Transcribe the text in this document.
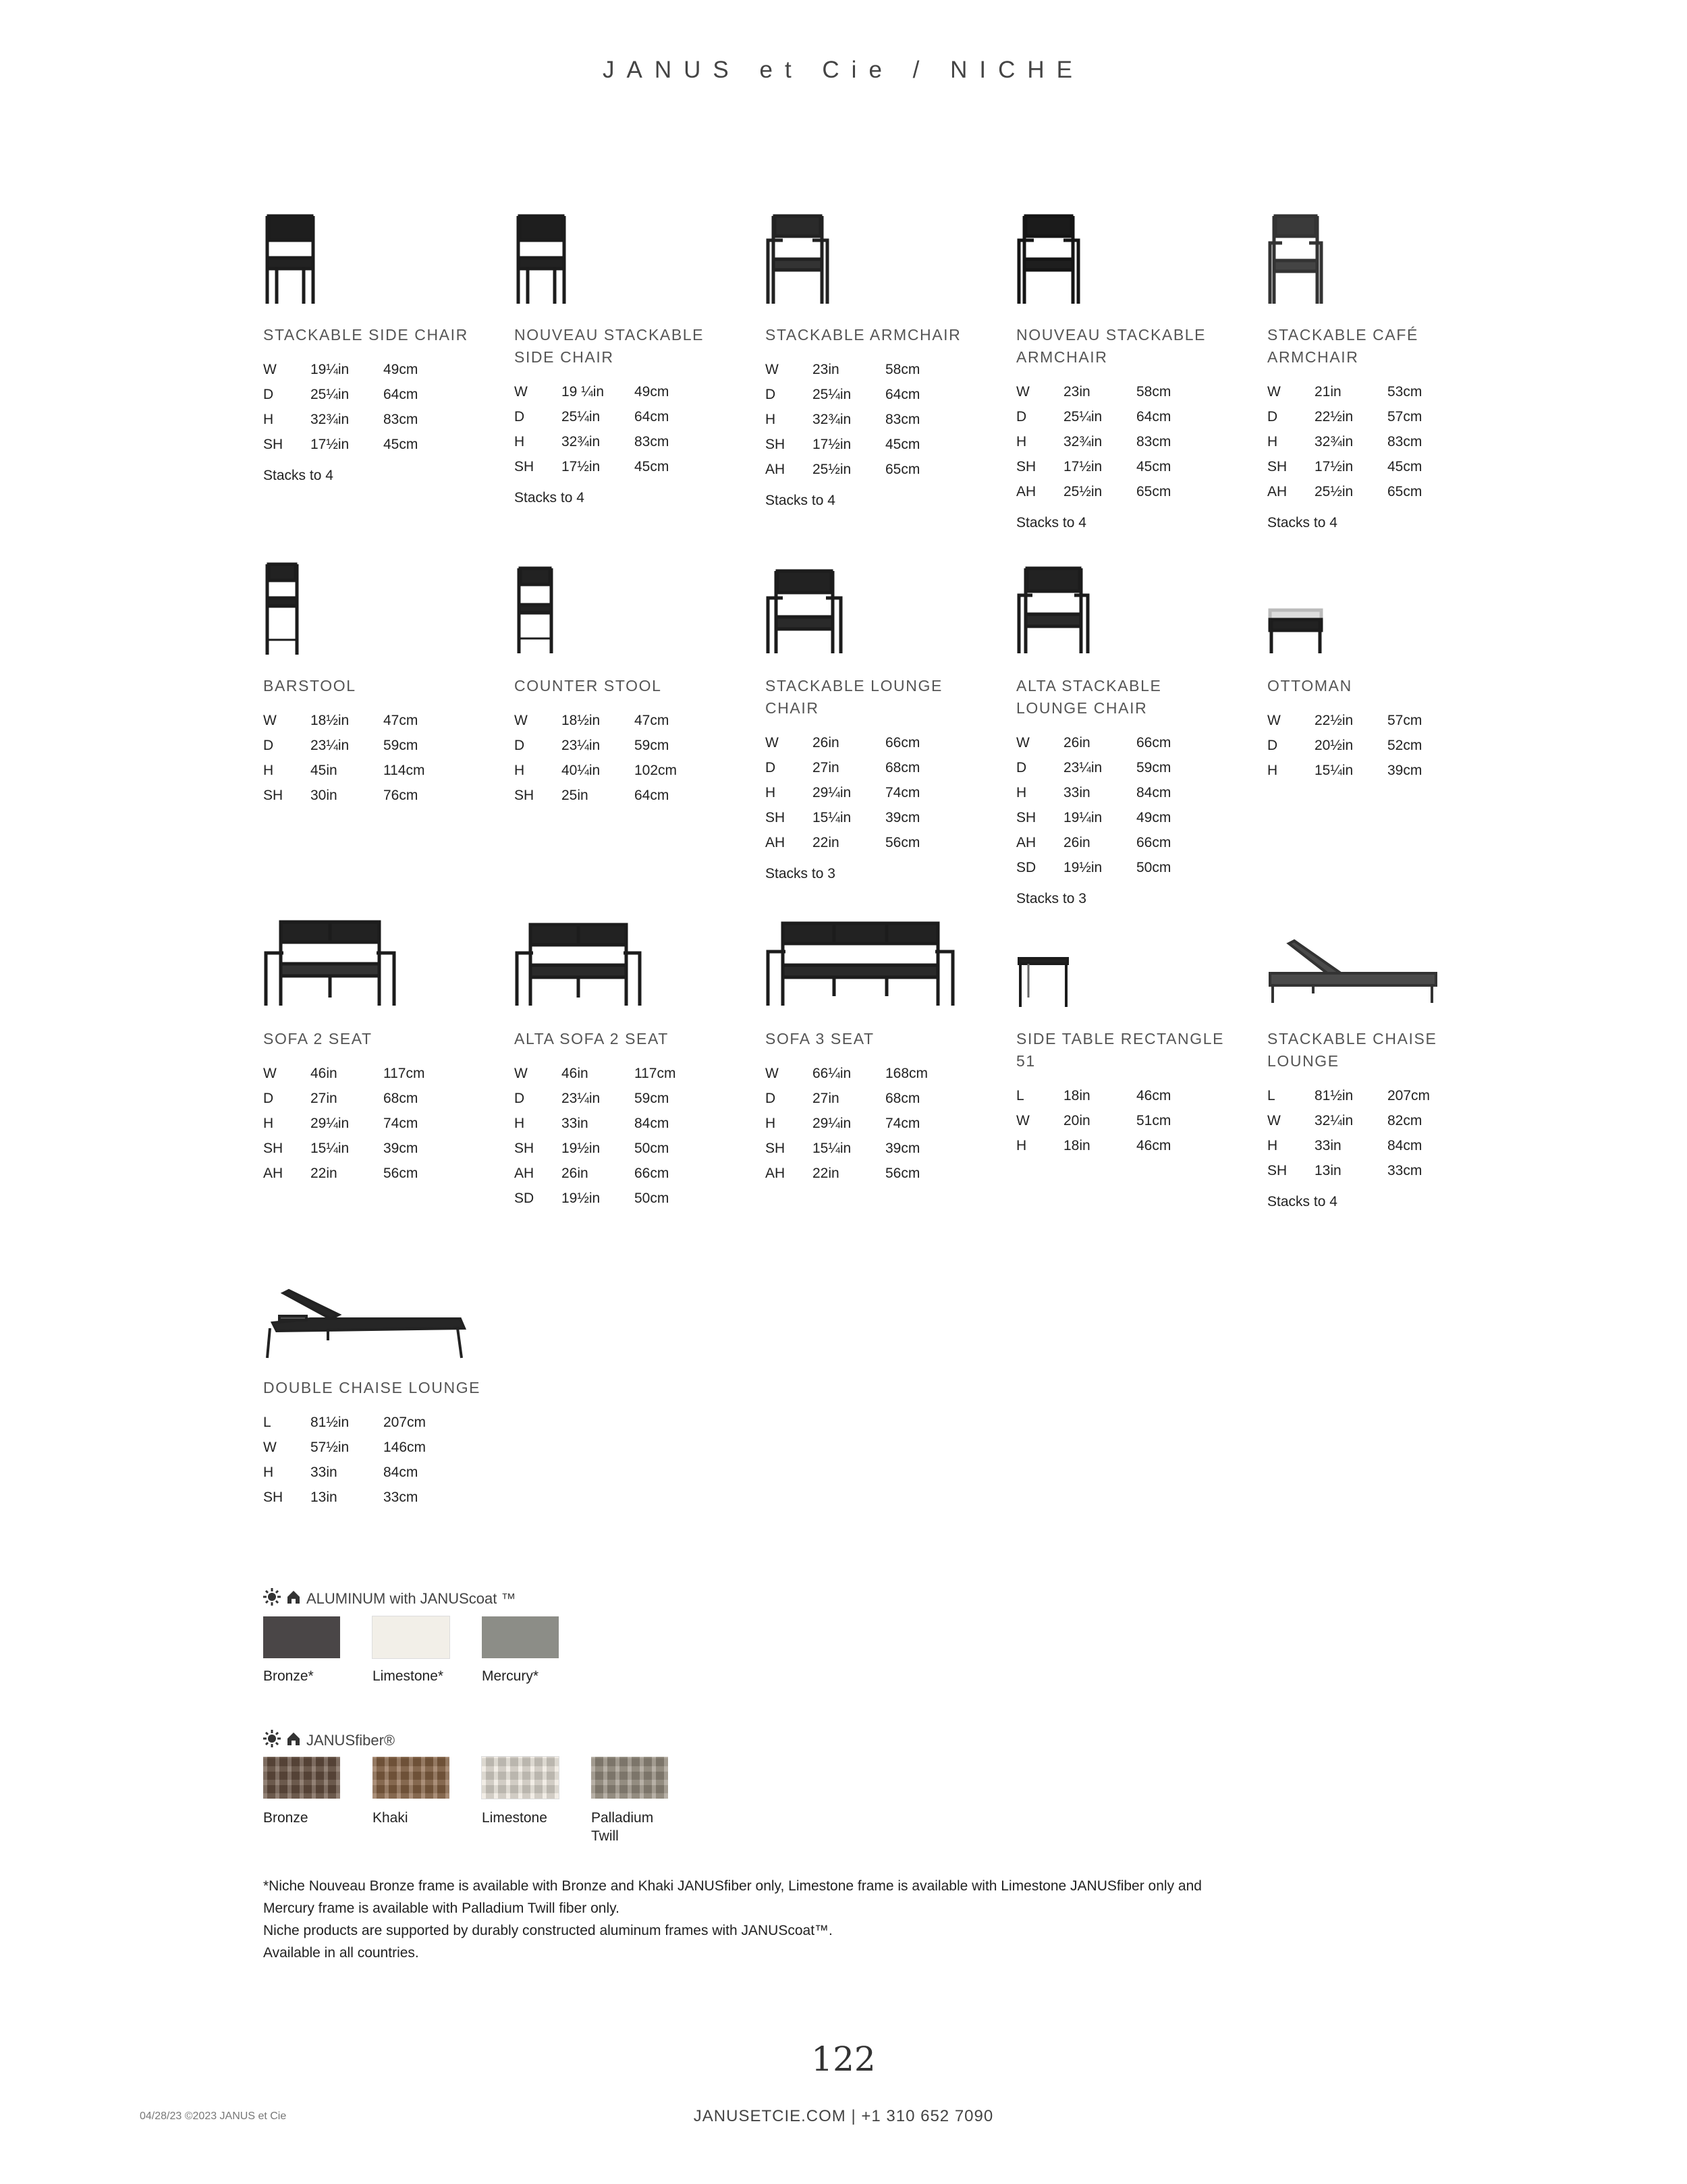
JANUS et Cie / NICHE
STACKABLE SIDE CHAIR
W	19¼in	49cm
D	25¼in	64cm
H	32¾in	83cm
SH	17½in	45cm
Stacks to 4
NOUVEAU STACKABLE
SIDE CHAIR
W	19 ¼in	49cm
D	25¼in	64cm
H	32¾in	83cm
SH	17½in	45cm
Stacks to 4
STACKABLE ARMCHAIR
W	23in	58cm
D	25¼in	64cm
H	32¾in	83cm
SH	17½in	45cm
AH	25½in	65cm
Stacks to 4
NOUVEAU STACKABLE
ARMCHAIR
W	23in	58cm
D	25¼in	64cm
H	32¾in	83cm
SH	17½in	45cm
AH	25½in	65cm
Stacks to 4
STACKABLE CAFÉ
ARMCHAIR
W	21in	53cm
D	22½in	57cm
H	32¾in	83cm
SH	17½in	45cm
AH	25½in	65cm
Stacks to 4
BARSTOOL
W	18½in	47cm
D	23¼in	59cm
H	45in	114cm
SH	30in	76cm
COUNTER STOOL
W	18½in	47cm
D	23¼in	59cm
H	40¼in	102cm
SH	25in	64cm
STACKABLE LOUNGE
CHAIR
W	26in	66cm
D	27in	68cm
H	29¼in	74cm
SH	15¼in	39cm
AH	22in	56cm
Stacks to 3
ALTA STACKABLE
LOUNGE CHAIR
W	26in	66cm
D	23¼in	59cm
H	33in	84cm
SH	19¼in	49cm
AH	26in	66cm
SD	19½in	50cm
Stacks to 3
OTTOMAN
W	22½in	57cm
D	20½in	52cm
H	15¼in	39cm
SOFA 2 SEAT
W	46in	117cm
D	27in	68cm
H	29¼in	74cm
SH	15¼in	39cm
AH	22in	56cm
ALTA SOFA 2 SEAT
W	46in	117cm
D	23¼in	59cm
H	33in	84cm
SH	19½in	50cm
AH	26in	66cm
SD	19½in	50cm
SOFA 3 SEAT
W	66¼in	168cm
D	27in	68cm
H	29¼in	74cm
SH	15¼in	39cm
AH	22in	56cm
SIDE TABLE RECTANGLE 51
L	18in	46cm
W	20in	51cm
H	18in	46cm
STACKABLE CHAISE
LOUNGE
L	81½in	207cm
W	32¼in	82cm
H	33in	84cm
SH	13in	33cm
Stacks to 4
DOUBLE CHAISE LOUNGE
L	81½in	207cm
W	57½in	146cm
H	33in	84cm
SH	13in	33cm
ALUMINUM with JANUScoat ™
Bronze*	Limestone*	Mercury*
JANUSfiber®
Bronze	Khaki	Limestone	Palladium Twill
*Niche Nouveau Bronze frame is available with Bronze and Khaki JANUSfiber only, Limestone frame is available with Limestone JANUSfiber only and
Mercury frame is available with Palladium Twill fiber only.
Niche products are supported by durably constructed aluminum frames with JANUScoat™.
Available in all countries.
122
04/28/23 ©2023 JANUS et Cie	JANUSETCIE.COM | +1 310 652 7090
